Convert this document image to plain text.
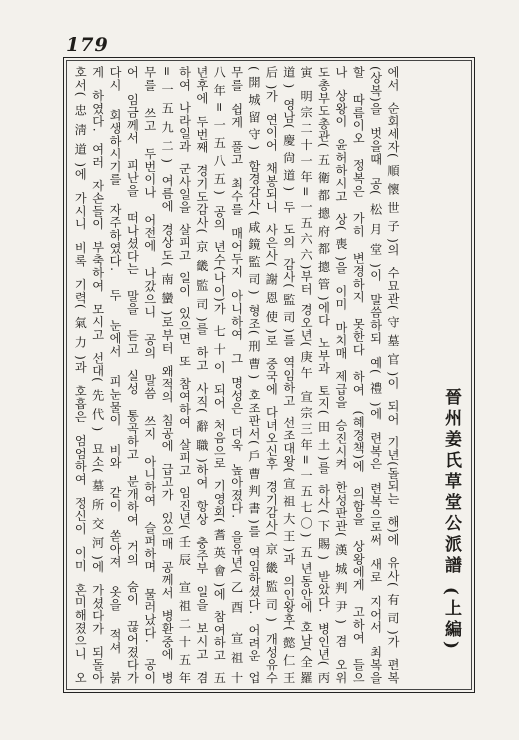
179
에서 순회세자(順懷世子)의 수묘관(守墓官)이 되어 기년(돌되는 해)에 유사(有司)가 편복
(상복)을 벗을때 공(松月堂)이 말씀하되 예(禮)에 련복은 련복으로써 새로 지어서 최복을
할 따름이오 정복은 가히 변경하지 못한다 하여 (혜경책)에 의함을 상왕에게 고하여 들으
나 상왕이 윤허하시고 상(喪)을 이미 마치매 제급을 승진시켜 한성판관(漢城判尹) 겸 오위
도총부도총관(五衛都摠府都摠管)에다 노부과 토지(田土)를 하사(下賜) 받았다. 병인년(丙
寅 明宗二十一年=一五六六)부터 경오년(庚午 宣宗三年=一五七〇) 五년동안에 호남(全羅
道) 영남(慶尙道) 두 도의 감사(監司)를 역임하고 선조대왕(宣祖大王)과 의인왕후(懿仁王
后)가 연이어 채봉되니 사은사(謝恩使)로 중국에 다녀오신후 경기감사(京畿監司) 개성유수
(開城留守) 함경감사(咸鏡監司) 형조(刑曹) 호조판서(戶曹判書)를 역임하셨다. 어려운 업
무를 쉽게 풀고 최수를 매어두지 아니하여 그 명성은 더욱 높아졌다. 을유년(乙酉 宣祖十
八年=一五八五) 공의 년수(나이)가 七十이 되어 처음으로 기영회(耆英會)에 참여하고 五
년후에 두번째 경기도감사(京畿監司)를 하고 사직(辭職)하여 항상 충주부 일을 보시고 겸
하여 나라일과 군사일을 살피고 일이 있으면 또 참여하여 살피고 임진년(壬辰 宣祖二十五年
=一五九二) 여름에 경상도(南蠻)로부터 왜적의 침공에 급고가 있으매 공께서 병환중에 병
무를 쓰고 두번이나 어전에 나갔으니 공의 말씀 쓰지 아니하여 슬퍼하며 물러났다. 공이
어 임금께서 피난을 떠나셨다는 말을 듣고 실성 통곡하고 분개하여 거의 숨이 끊어졌다가
다시 회생하시기를 자주하였다. 두 눈에서 피눈물이 비와 같이 쏟아져 옷을 적셔 붉
게 하였다. 여러 자손들이 부축하여 모시고 선대(先代) 묘소(墓所交河)에 가셨다가 되돌아
호서(忠淸道)에 가시니 비록 기력(氣力)과 호흡은 엄엄하여 정신이 이미 혼미해졌으니 오	晉州姜氏草堂公派譜 (上編)
